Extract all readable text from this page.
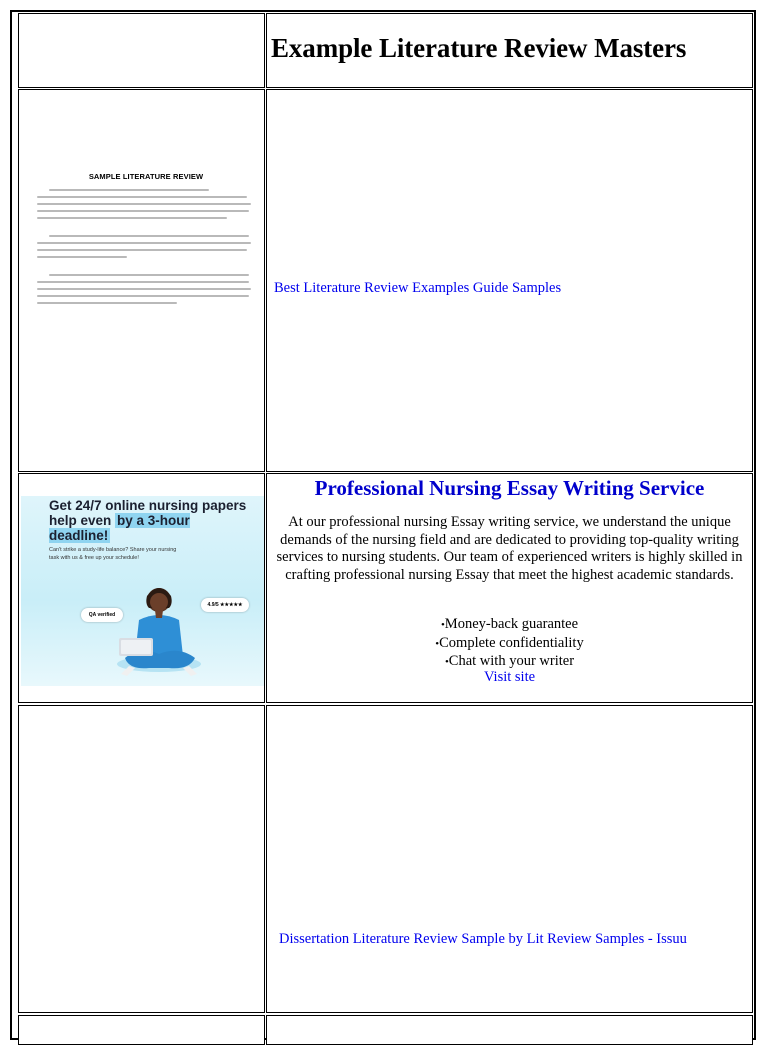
Example Literature Review Masters
SAMPLE LITERATURE REVIEW
Best Literature Review Examples Guide Samples
Get 24/7 online nursing papers help even by a 3-hour deadline!
Can't strike a study-life balance? Share your nursing task with us & free up your schedule!
QA verified
4.9/5 ★★★★★
Professional Nursing Essay Writing Service
At our professional nursing Essay writing service, we understand the unique demands of the nursing field and are dedicated to providing top-quality writing services to nursing students. Our team of experienced writers is highly skilled in crafting professional nursing Essay that meet the highest academic standards.
• Money-back guarantee
• Complete confidentiality
• Chat with your writer
Visit site
Dissertation Literature Review Sample by Lit Review Samples - Issuu
